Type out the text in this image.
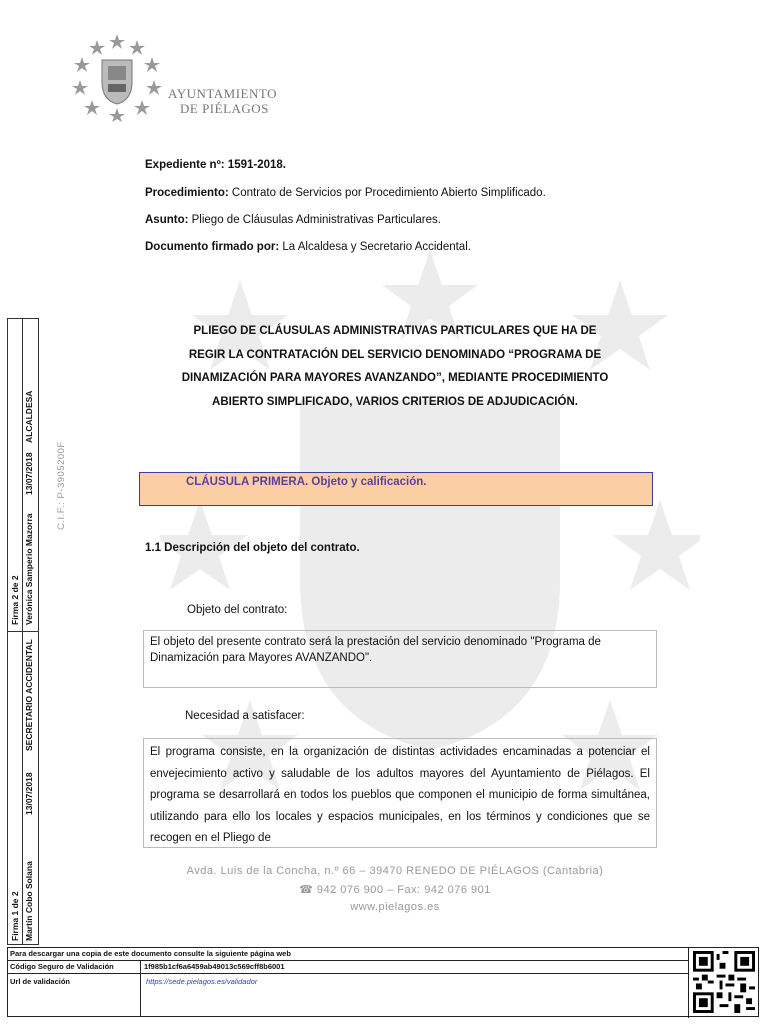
AYUNTAMIENTO
DE PIÉLAGOS
Expediente nº: 1591-2018.
Procedimiento: Contrato de Servicios por Procedimiento Abierto Simplificado.
Asunto: Pliego de Cláusulas Administrativas Particulares.
Documento firmado por: La Alcaldesa y Secretario Accidental.
Firma 2 de 2 Verónica Samperio Mazorra
13/07/2018
ALCALDESA
Firma 1 de 2 Martín Cobo Solana
13/07/2018
SECRETARIO ACCIDENTAL
C.I.F.: P-3905200F
PLIEGO DE CLÁUSULAS ADMINISTRATIVAS PARTICULARES QUE HA DE
REGIR LA CONTRATACIÓN DEL SERVICIO DENOMINADO “PROGRAMA DE
DINAMIZACIÓN PARA MAYORES AVANZANDO”, MEDIANTE PROCEDIMIENTO
ABIERTO SIMPLIFICADO, VARIOS CRITERIOS DE ADJUDICACIÓN.
CLÁUSULA PRIMERA. Objeto y calificación.
1.1 Descripción del objeto del contrato.
Objeto del contrato:
El objeto del presente contrato será la prestación del servicio denominado "Programa de Dinamización para Mayores AVANZANDO".
Necesidad a satisfacer:
El programa consiste, en la organización de distintas actividades encaminadas a potenciar el envejecimiento activo y saludable de los adultos mayores del Ayuntamiento de Piélagos. El programa se desarrollará en todos los pueblos que componen el municipio de forma simultánea, utilizando para ello los locales y espacios municipales, en los términos y condiciones que se recogen en el Pliego de
Avda. Luis de la Concha, n.º 66 – 39470 RENEDO DE PIÉLAGOS (Cantabria)
☎ 942 076 900 – Fax: 942 076 901
www.pielagos.es
Para descargar una copia de este documento consulte la siguiente página web
Código Seguro de Validación	1f985b1cf6a6459ab49013c569cff8b6001
Url de validación	https://sede.pielagos.es/validador
